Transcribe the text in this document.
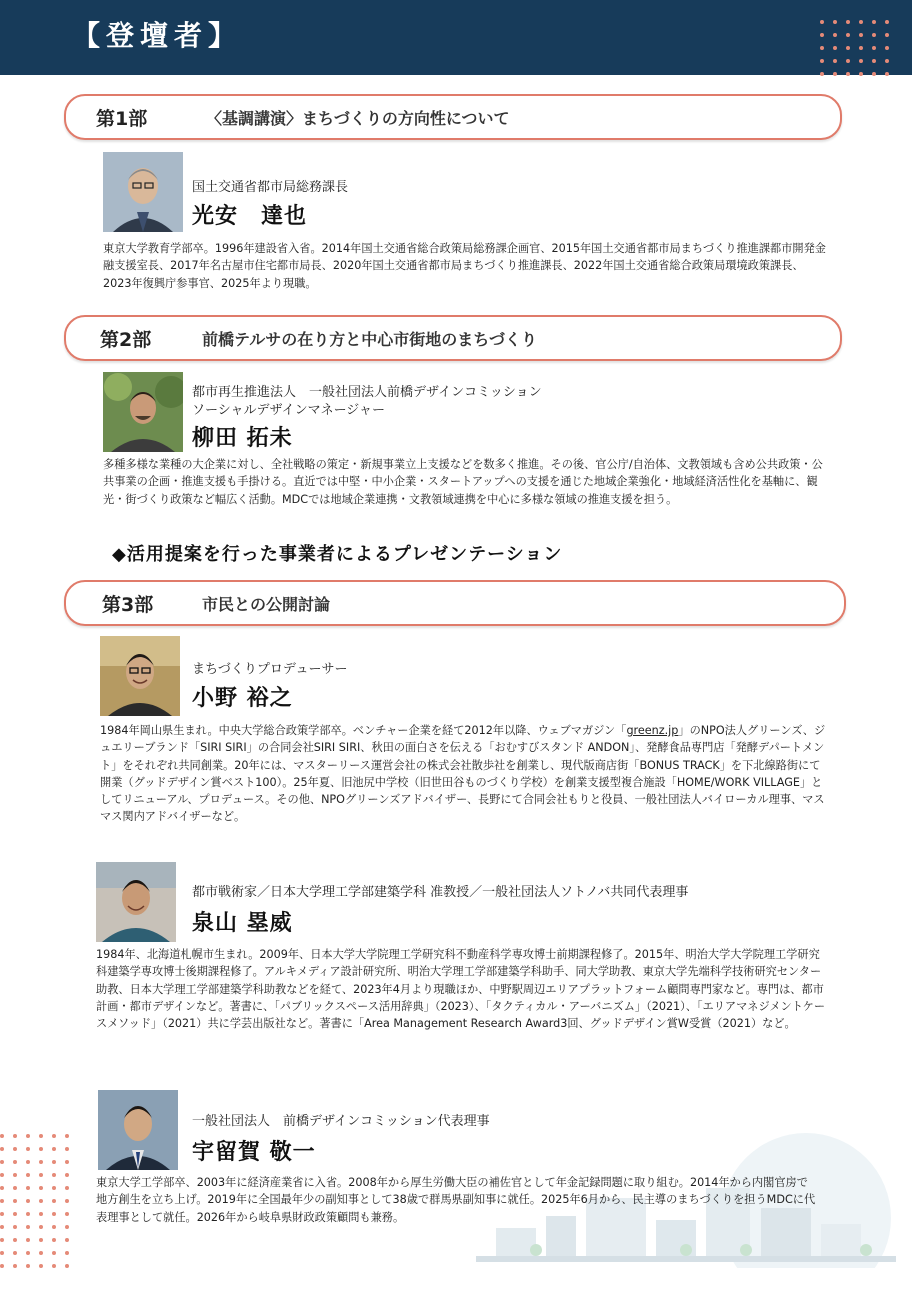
【登壇者】
第1部	〈基調講演〉まちづくりの方向性について
国土交通省都市局総務課長
光安　達也
東京大学教育学部卒。1996年建設省入省。2014年国土交通省総合政策局総務課企画官、2015年国土交通省都市局まちづくり推進課都市開発金融支援室長、2017年名古屋市住宅都市局長、2020年国土交通省都市局まちづくり推進課長、2022年国土交通省総合政策局環境政策課長、2023年復興庁参事官、2025年より現職。
第2部	前橋テルサの在り方と中心市街地のまちづくり
都市再生推進法人　一般社団法人前橋デザインコミッション
ソーシャルデザインマネージャー
柳田 拓未
多種多様な業種の大企業に対し、全社戦略の策定・新規事業立上支援などを数多く推進。その後、官公庁/自治体、文教領域も含め公共政策・公共事業の企画・推進支援も手掛ける。直近では中堅・中小企業・スタートアップへの支援を通じた地域企業強化・地域経済活性化を基軸に、観光・街づくり政策など幅広く活動。MDCでは地域企業連携・文教領域連携を中心に多様な領域の推進支援を担う。
◆活用提案を行った事業者によるプレゼンテーション
第3部	市民との公開討論
まちづくりプロデューサー
小野 裕之
1984年岡山県生まれ。中央大学総合政策学部卒。ベンチャー企業を経て2012年以降、ウェブマガジン「greenz.jp」のNPO法人グリーンズ、ジュエリーブランド「SIRI SIRI」の合同会社SIRI SIRI、秋田の面白さを伝える「おむすびスタンド ANDON」、発酵食品専門店「発酵デパートメント」をそれぞれ共同創業。20年には、マスターリース運営会社の株式会社散歩社を創業し、現代版商店街「BONUS TRACK」を下北線路街にて開業（グッドデザイン賞ベスト100）。25年夏、旧池尻中学校（旧世田谷ものづくり学校）を創業支援型複合施設「HOME/WORK VILLAGE」としてリニューアル、プロデュース。その他、NPOグリーンズアドバイザー、長野にて合同会社もりと役員、一般社団法人バイローカル理事、マスマス関内アドバイザーなど。
都市戦術家／日本大学理工学部建築学科 准教授／一般社団法人ソトノバ共同代表理事
泉山 塁威
1984年、北海道札幌市生まれ。2009年、日本大学大学院理工学研究科不動産科学専攻博士前期課程修了。2015年、明治大学大学院理工学研究科建築学専攻博士後期課程修了。アルキメディア設計研究所、明治大学理工学部建築学科助手、同大学助教、東京大学先端科学技術研究センター助教、日本大学理工学部建築学科助教などを経て、2023年4月より現職ほか、中野駅周辺エリアプラットフォーム顧問専門家など。専門は、都市計画・都市デザインなど。著書に、「パブリックスペース活用辞典」（2023）、「タクティカル・アーバニズム」（2021）、「エリアマネジメントケースメソッド」（2021）共に学芸出版社など。著書に「Area Management Research Award3回、グッドデザイン賞W受賞（2021）など。
一般社団法人　前橋デザインコミッション代表理事
宇留賀 敬一
東京大学工学部卒、2003年に経済産業省に入省。2008年から厚生労働大臣の補佐官として年金記録問題に取り組む。2014年から内閣官房で地方創生を立ち上げ。2019年に全国最年少の副知事として38歳で群馬県副知事に就任。2025年6月から、民主導のまちづくりを担うMDCに代表理事として就任。2026年から岐阜県財政政策顧問も兼務。
